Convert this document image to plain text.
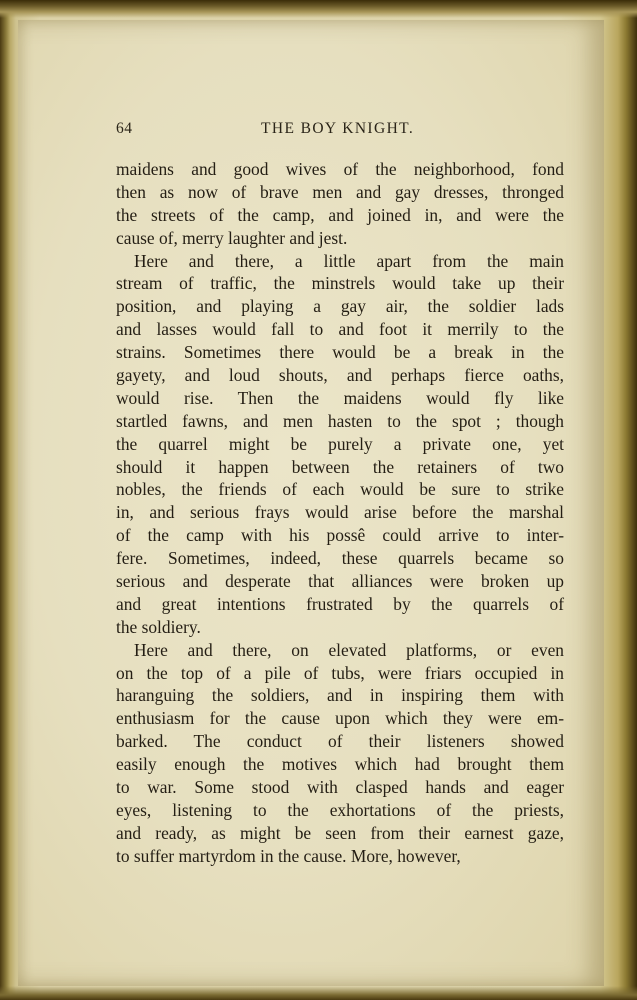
64	THE BOY KNIGHT.
maidens and good wives of the neighborhood, fond
then as now of brave men and gay dresses, thronged
the streets of the camp, and joined in, and were the
cause of, merry laughter and jest.
Here and there, a little apart from the main
stream of traffic, the minstrels would take up their
position, and playing a gay air, the soldier lads
and lasses would fall to and foot it merrily to the
strains. Sometimes there would be a break in the
gayety, and loud shouts, and perhaps fierce oaths,
would rise. Then the maidens would fly like
startled fawns, and men hasten to the spot ; though
the quarrel might be purely a private one, yet
should it happen between the retainers of two
nobles, the friends of each would be sure to strike
in, and serious frays would arise before the marshal
of the camp with his possê could arrive to inter-
fere. Sometimes, indeed, these quarrels became so
serious and desperate that alliances were broken up
and great intentions frustrated by the quarrels of
the soldiery.
Here and there, on elevated platforms, or even
on the top of a pile of tubs, were friars occupied in
haranguing the soldiers, and in inspiring them with
enthusiasm for the cause upon which they were em-
barked. The conduct of their listeners showed
easily enough the motives which had brought them
to war. Some stood with clasped hands and eager
eyes, listening to the exhortations of the priests,
and ready, as might be seen from their earnest gaze,
to suffer martyrdom in the cause. More, however,
